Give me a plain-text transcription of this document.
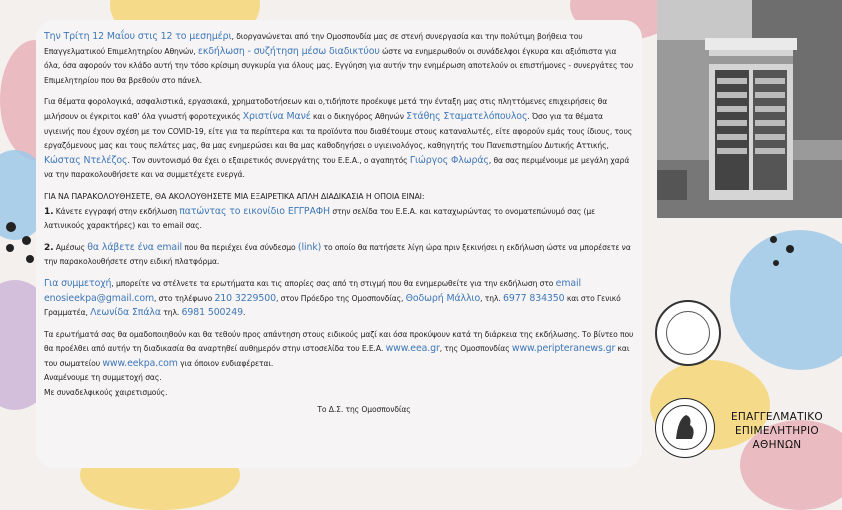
Την Τρίτη 12 Μαΐου στις 12 το μεσημέρι, διοργανώνεται από την Ομοσπονδία μας σε στενή συνεργασία και την πολύτιμη βοήθεια του Επαγγελματικού Επιμελητηρίου Αθηνών, εκδήλωση - συζήτηση μέσω διαδικτύου ώστε να ενημερωθούν οι συνάδελφοι έγκυρα και αξιόπιστα για όλα, όσα αφορούν τον κλάδο αυτή την τόσο κρίσιμη συγκυρία για όλους μας. Εγγύηση για αυτήν την ενημέρωση αποτελούν οι επιστήμονες - συνεργάτες του Επιμελητηρίου που θα βρεθούν στο πάνελ.

Για θέματα φορολογικά, ασφαλιστικά, εργασιακά, χρηματοδοτήσεων και ο,τιδήποτε προέκυψε μετά την ένταξη μας στις πληττόμενες επιχειρήσεις θα μιλήσουν οι έγκριτοι καθ’ όλα γνωστή φοροτεχνικός Χριστίνα Μανέ και ο δικηγόρος Αθηνών Στάθης Σταματελόπουλος. Όσο για τα θέματα υγιεινής που έχουν σχέση με τον COVID-19, είτε για τα περίπτερα και τα προϊόντα που διαθέτουμε στους καταναλωτές, είτε αφορούν εμάς τους ίδιους, τους εργαζόμενους μας και τους πελάτες μας, θα μας ενημερώσει και θα μας καθοδηγήσει ο υγιεινολόγος, καθηγητής του Πανεπιστημίου Δυτικής Αττικής, Κώστας Ντελέζος. Τον συντονισμό θα έχει ο εξαιρετικός συνεργάτης του Ε.Ε.Α., ο αγαπητός Γιώργος Φλωράς, θα σας περιμένουμε με μεγάλη χαρά να την παρακολουθήσετε και να συμμετέχετε ενεργά.

ΓΙΑ ΝΑ ΠΑΡΑΚΟΛΟΥΘΗΣΕΤΕ, ΘΑ ΑΚΟΛΟΥΘΗΣΕΤΕ ΜΙΑ ΕΞΑΙΡΕΤΙΚΑ ΑΠΛΗ ΔΙΑΔΙΚΑΣΙΑ Η ΟΠΟΙΑ ΕΙΝΑΙ:

1. Κάνετε εγγραφή στην εκδήλωση πατώντας το εικονίδιο ΕΓΓΡΑΦΗ στην σελίδα του Ε.Ε.Α. και καταχωρώντας το ονοματεπώνυμό σας (με λατινικούς χαρακτήρες) και το email σας.

2. Αμέσως θα λάβετε ένα email που θα περιέχει ένα σύνδεσμο (link) το οποίο θα πατήσετε λίγη ώρα πριν ξεκινήσει η εκδήλωση ώστε να μπορέσετε να την παρακολουθήσετε στην ειδική πλατφόρμα.

Για συμμετοχή, μπορείτε να στέλνετε τα ερωτήματα και τις απορίες σας από τη στιγμή που θα ενημερωθείτε για την εκδήλωση στο email enosieekpa@gmail.com, στο τηλέφωνο 210 3229500, στον Πρόεδρο της Ομοσπονδίας, Θοδωρή Μάλλιο, τηλ. 6977 834350 και στο Γενικό Γραμματέα, Λεωνίδα Σπάλα τηλ. 6981 500249.

Τα ερωτήματά σας θα ομαδοποιηθούν και θα τεθούν προς απάντηση στους ειδικούς μαζί και όσα προκύψουν κατά τη διάρκεια της εκδήλωσης. Το βίντεο που θα προέλθει από αυτήν τη διαδικασία θα αναρτηθεί αυθημερόν στην ιστοσελίδα του Ε.Ε.Α. www.eea.gr, της Ομοσπονδίας www.peripteranews.gr και του σωματείου www.eekpa.com για όποιον ενδιαφέρεται.

Αναμένουμε τη συμμετοχή σας.

Με συναδελφικούς χαιρετισμούς.

Το Δ.Σ. της Ομοσπονδίας

ΕΠΑΓΓΕΛΜΑΤΙΚΟ
ΕΠΙΜΕΛΗΤΗΡΙΟ
ΑΘΗΝΩΝ
